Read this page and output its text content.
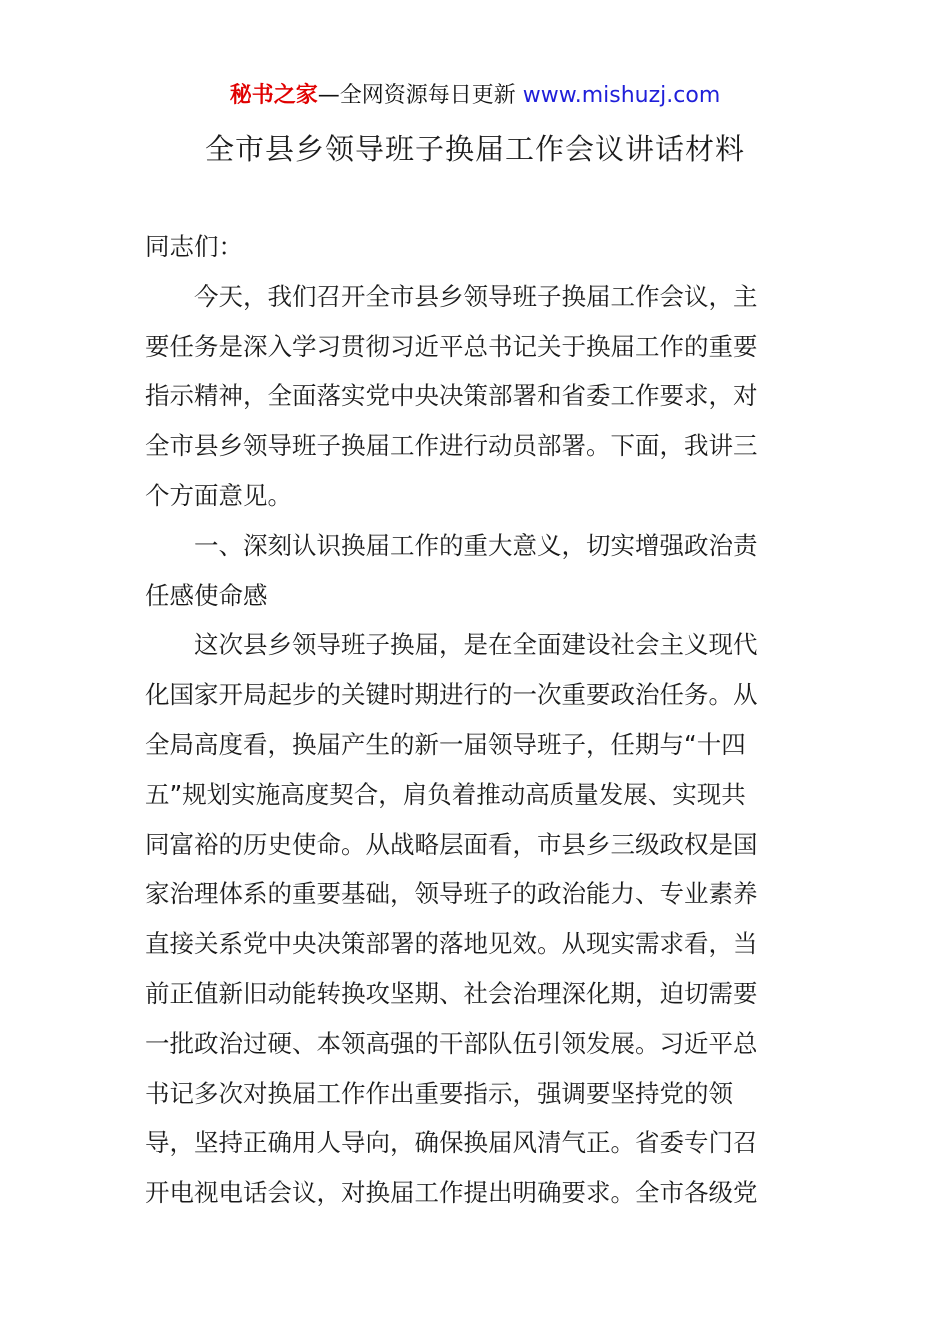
秘书之家—全网资源每日更新 www.mishuzj.com
全市县乡领导班子换届工作会议讲话材料
同志们：
今天，我们召开全市县乡领导班子换届工作会议，主
要任务是深入学习贯彻习近平总书记关于换届工作的重要
指示精神，全面落实党中央决策部署和省委工作要求，对
全市县乡领导班子换届工作进行动员部署。下面，我讲三
个方面意见。
一、深刻认识换届工作的重大意义，切实增强政治责
任感使命感
这次县乡领导班子换届，是在全面建设社会主义现代
化国家开局起步的关键时期进行的一次重要政治任务。从
全局高度看，换届产生的新一届领导班子，任期与“十四
五”规划实施高度契合，肩负着推动高质量发展、实现共
同富裕的历史使命。从战略层面看，市县乡三级政权是国
家治理体系的重要基础，领导班子的政治能力、专业素养
直接关系党中央决策部署的落地见效。从现实需求看，当
前正值新旧动能转换攻坚期、社会治理深化期，迫切需要
一批政治过硬、本领高强的干部队伍引领发展。习近平总
书记多次对换届工作作出重要指示，强调要坚持党的领
导，坚持正确用人导向，确保换届风清气正。省委专门召
开电视电话会议，对换届工作提出明确要求。全市各级党
